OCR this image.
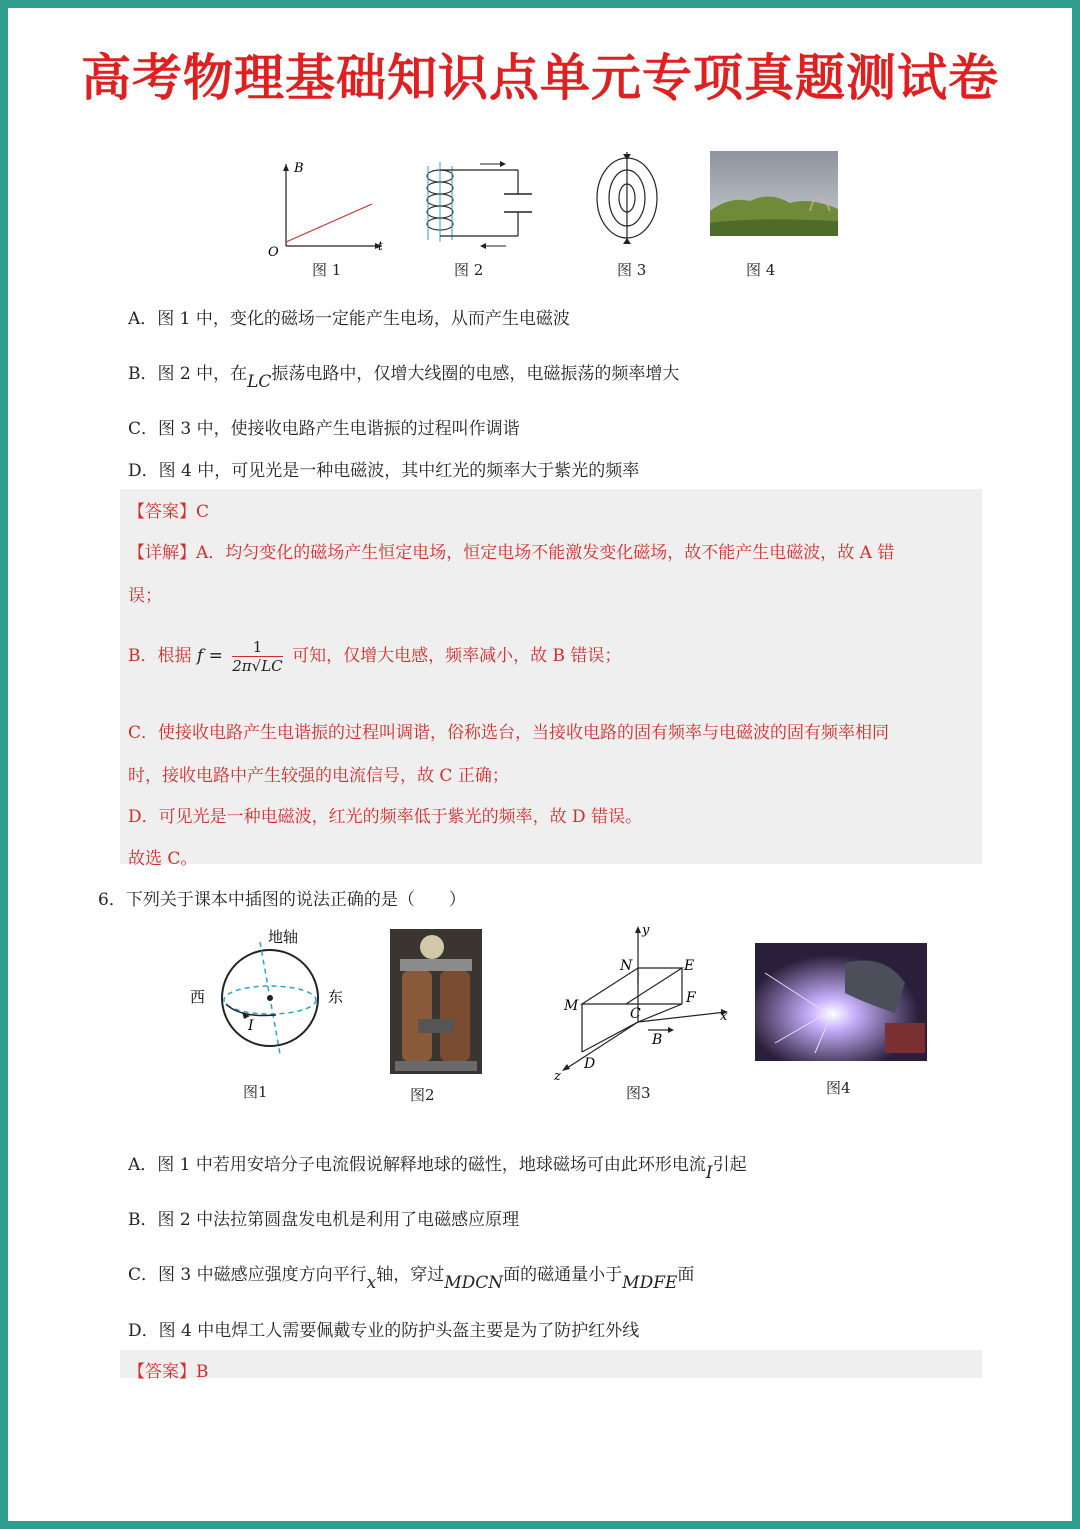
高考物理基础知识点单元专项真题测试卷
B
t
O
图 1	图 2	图 3	图 4
A．图 1 中，变化的磁场一定能产生电场，从而产生电磁波
B．图 2 中，在LC振荡电路中，仅增大线圈的电感，电磁振荡的频率增大
C．图 3 中，使接收电路产生电谐振的过程叫作调谐
D．图 4 中，可见光是一种电磁波，其中红光的频率大于紫光的频率
【答案】C
【详解】A．均匀变化的磁场产生恒定电场，恒定电场不能激发变化磁场，故不能产生电磁波，故 A 错
误；
B．根据 $f = \frac{1}{2\pi√LC}$ 可知，仅增大电感，频率减小，故 B 错误；
C．使接收电路产生电谐振的过程叫调谐，俗称选台，当接收电路的固有频率与电磁波的固有频率相同
时，接收电路中产生较强的电流信号，故 C 正确；
D．可见光是一种电磁波，红光的频率低于紫光的频率，故 D 错误。
故选 C。
6．下列关于课本中插图的说法正确的是（　　）
地轴
西	东
I
图1	图2
y
x
z
N	E
M	F
C
B
D
图3	图4
A．图 1 中若用安培分子电流假说解释地球的磁性，地球磁场可由此环形电流I引起
B．图 2 中法拉第圆盘发电机是利用了电磁感应原理
C．图 3 中磁感应强度方向平行x轴，穿过MDCN面的磁通量小于MDFE面
D．图 4 中电焊工人需要佩戴专业的防护头盔主要是为了防护红外线
【答案】B
